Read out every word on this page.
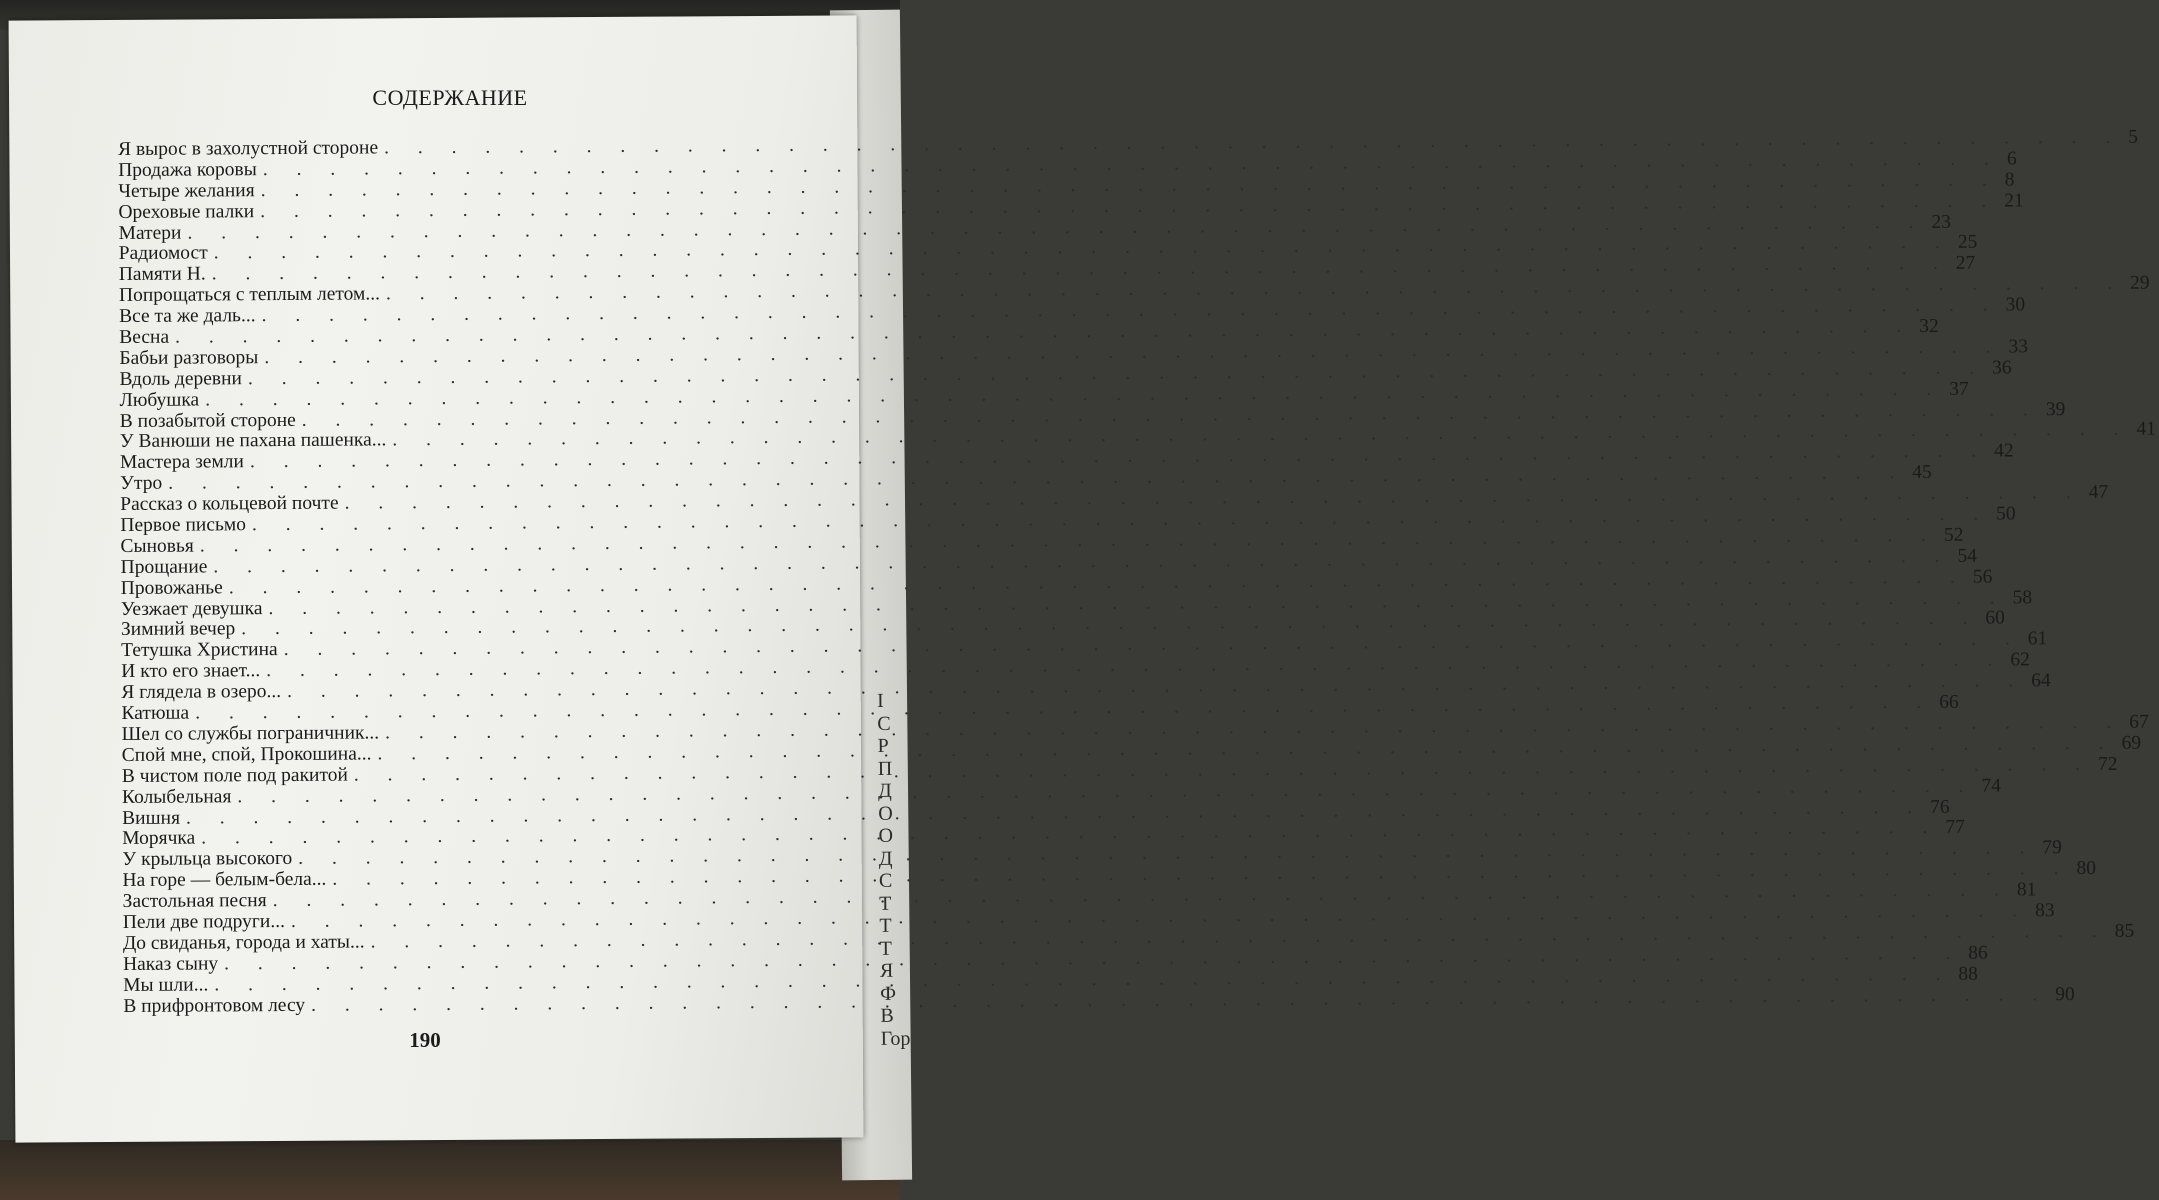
І
С
Р
П
Д
О
О
Д
С
Т
Т
Т
Я
Ф
В
Гор
СОДЕРЖАНИЕ
Я вырос в захолустной стороне
. . .
5
Продажа коровы
. . .
6
Четыре желания
. . .
8
Ореховые палки
. . .
21
Матери
. . .
23
Радиомост
. . .
25
Памяти Н.
. . .
27
Попрощаться с теплым летом...
. . .
29
Все та же даль...
. . .
30
Весна
. . .
32
Бабьи разговоры
. . .
33
Вдоль деревни
. . .
36
Любушка
. . .
37
В позабытой стороне
. . .
39
У Ванюши не пахана пашенка...
. . .
41
Мастера земли
. . .
42
Утро
. . .
45
Рассказ о кольцевой почте
. . .
47
Первое письмо
. . .
50
Сыновья
. . .
52
Прощание
. . .
54
Провожанье
. . .
56
Уезжает девушка
. . .
58
Зимний вечер
. . .
60
Тетушка Христина
. . .
61
И кто его знает...
. . .
62
Я глядела в озеро...
. . .
64
Катюша
. . .
66
Шел со службы пограничник...
. . .
67
Спой мне, спой, Прокошина...
. . .
69
В чистом поле под ракитой
. . .
72
Колыбельная
. . .
74
Вишня
. . .
76
Морячка
. . .
77
У крыльца высокого
. . .
79
На горе — белым-бела...
. . .
80
Застольная песня
. . .
81
Пели две подруги...
. . .
83
До свиданья, города и хаты...
. . .
85
Наказ сыну
. . .
86
Мы шли...
. . .
88
В прифронтовом лесу
. . .
90
190
